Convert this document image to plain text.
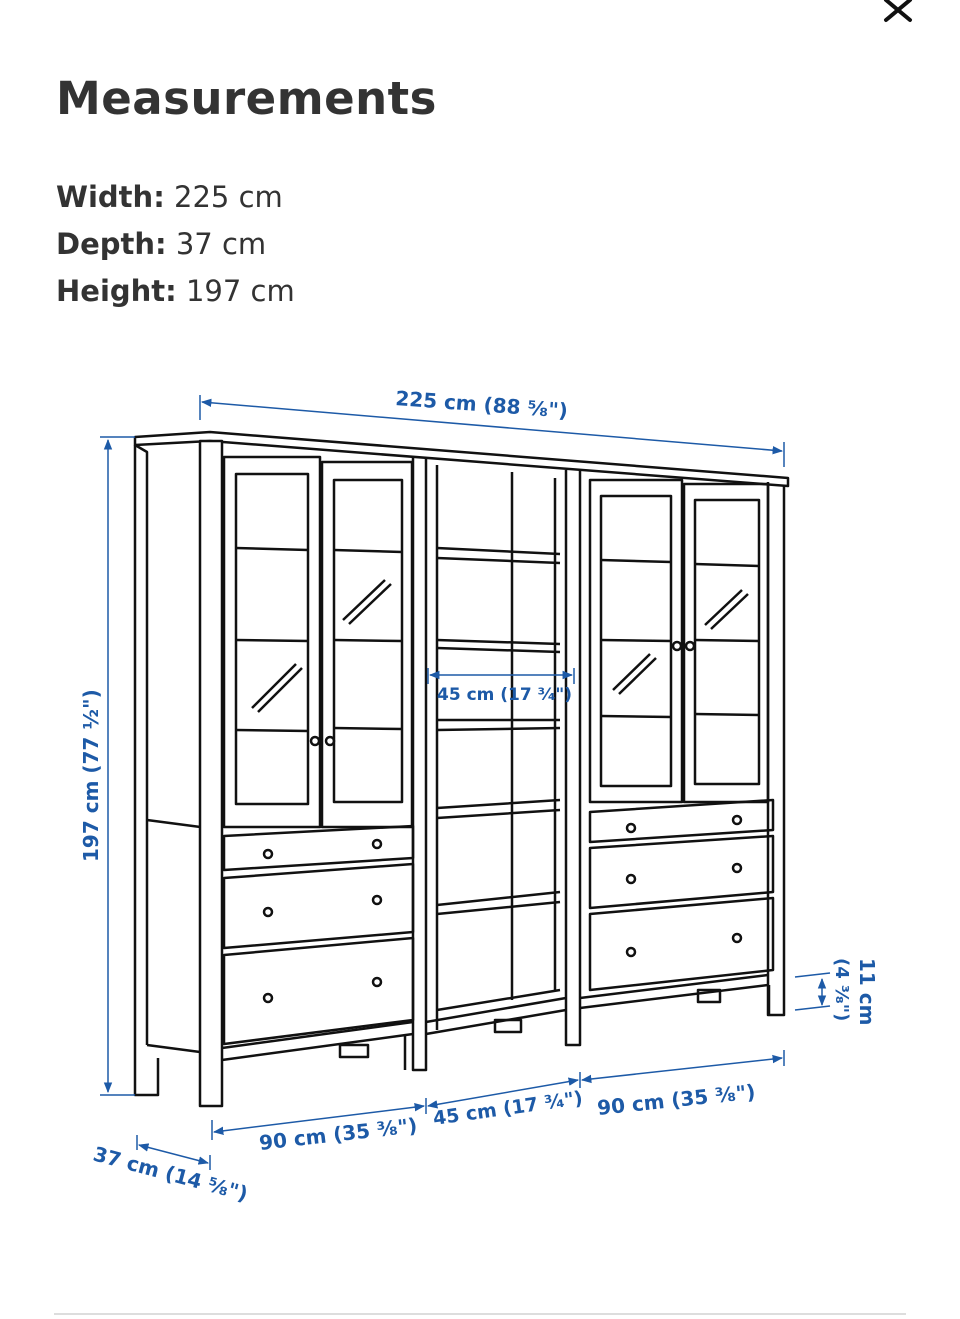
Measurements
Width: 225 cm
Depth: 37 cm
Height: 197 cm
225 cm (88 ⁵⁄₈")
197 cm (77 ¹⁄₂")	45 cm (17 ³⁄₄")
90 cm (35 ³⁄₈")
45 cm (17 ³⁄₄") 90 cm (35 ³⁄₈")
37 cm (14 ⁵⁄₈")
11 cm
(4 ³⁄₈")
